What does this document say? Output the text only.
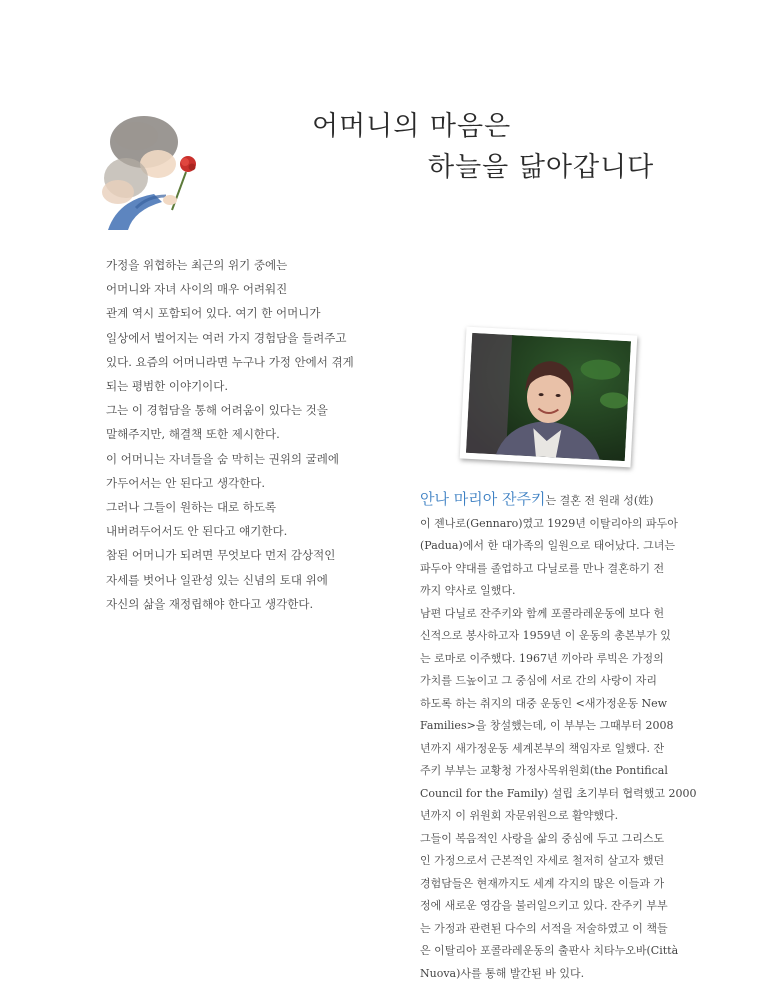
어머니의 마음은
하늘을 닮아갑니다
가정을 위협하는 최근의 위기 중에는
어머니와 자녀 사이의 매우 어려워진
관계 역시 포함되어 있다. 여기 한 어머니가
일상에서 벌어지는 여러 가지 경험담을 들려주고
있다. 요즘의 어머니라면 누구나 가정 안에서 겪게
되는 평범한 이야기이다.
그는 이 경험담을 통해 어려움이 있다는 것을
말해주지만, 해결책 또한 제시한다.
이 어머니는 자녀들을 숨 막히는 권위의 굴레에
가두어서는 안 된다고 생각한다.
그러나 그들이 원하는 대로 하도록
내버려두어서도 안 된다고 얘기한다.
참된 어머니가 되려면 무엇보다 먼저 감상적인
자세를 벗어나 일관성 있는 신념의 토대 위에
자신의 삶을 재정립해야 한다고 생각한다.
안나 마리아 잔주키는 결혼 전 원래 성(姓)
이 젠나로(Gennaro)였고 1929년 이탈리아의 파두아
(Padua)에서 한 대가족의 일원으로 태어났다. 그녀는
파두아 약대를 졸업하고 다닐로를 만나 결혼하기 전
까지 약사로 일했다.
남편 다닐로 잔주키와 함께 포콜라레운동에 보다 헌
신적으로 봉사하고자 1959년 이 운동의 총본부가 있
는 로마로 이주했다. 1967년 끼아라 루빅은 가정의
가치를 드높이고 그 중심에 서로 간의 사랑이 자리
하도록 하는 취지의 대중 운동인 <새가정운동 New
Families>을 창설했는데, 이 부부는 그때부터 2008
년까지 새가정운동 세계본부의 책임자로 일했다. 잔
주키 부부는 교황청 가정사목위원회(the Pontifical
Council for the Family) 설립 초기부터 협력했고 2000
년까지 이 위원회 자문위원으로 활약했다.
그들이 복음적인 사랑을 삶의 중심에 두고 그리스도
인 가정으로서 근본적인 자세로 철저히 살고자 했던
경험담들은 현재까지도 세계 각지의 많은 이들과 가
정에 새로운 영감을 불러일으키고 있다. 잔주키 부부
는 가정과 관련된 다수의 서적을 저술하였고 이 책들
은 이탈리아 포콜라레운동의 출판사 치타누오바(Città
Nuova)사를 통해 발간된 바 있다.
